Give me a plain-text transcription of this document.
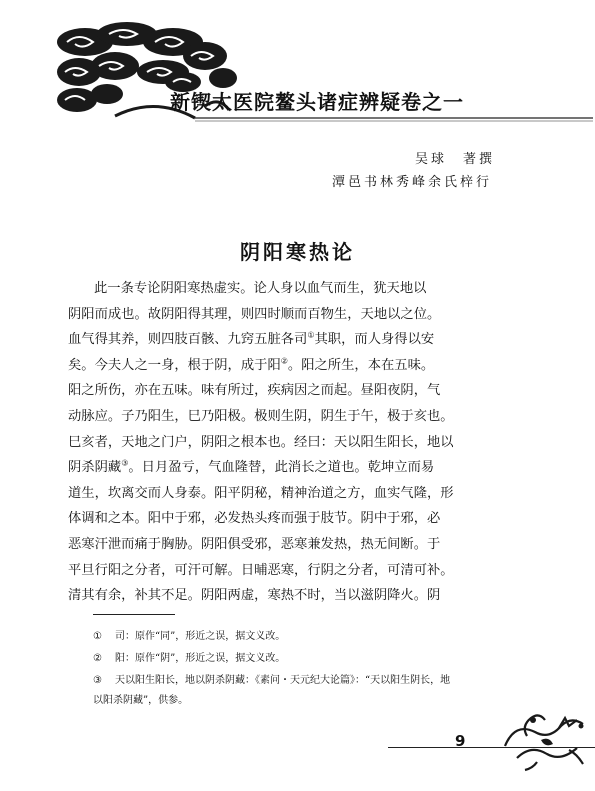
新锲太医院鳌头诸症辨疑卷之一
吴球　著撰
潭邑书林秀峰余氏梓行
阴阳寒热论
此一条专论阴阳寒热虚实。论人身以血气而生，犹天地以
阴阳而成也。故阴阳得其理，则四时顺而百物生，天地以之位。
血气得其养，则四肢百骸、九窍五脏各司①其职，而人身得以安
矣。今夫人之一身，根于阴，成于阳②。阳之所生，本在五味。
阳之所伤，亦在五味。味有所过，疾病因之而起。昼阳夜阴，气
动脉应。子乃阳生，巳乃阳极。极则生阴，阴生于午，极于亥也。
巳亥者，天地之门户，阴阳之根本也。经曰：天以阳生阳长，地以
阴杀阴藏③。日月盈亏，气血隆替，此消长之道也。乾坤立而易
道生，坎离交而人身泰。阳平阴秘，精神治道之方，血实气隆，形
体调和之本。阳中于邪，必发热头疼而强于肢节。阴中于邪，必
恶寒汗泄而痛于胸胁。阴阳俱受邪，恶寒兼发热，热无间断。于
平旦行阳之分者，可汗可解。日晡恶寒，行阴之分者，可清可补。
清其有余，补其不足。阴阳两虚，寒热不时，当以滋阴降火。阴
① 司：原作“同”，形近之误，据文义改。
② 阳：原作“阴”，形近之误，据文义改。
③ 天以阳生阳长，地以阴杀阴藏：《素问・天元纪大论篇》：“天以阳生阴长，地
以阳杀阴藏”，供参。
9
